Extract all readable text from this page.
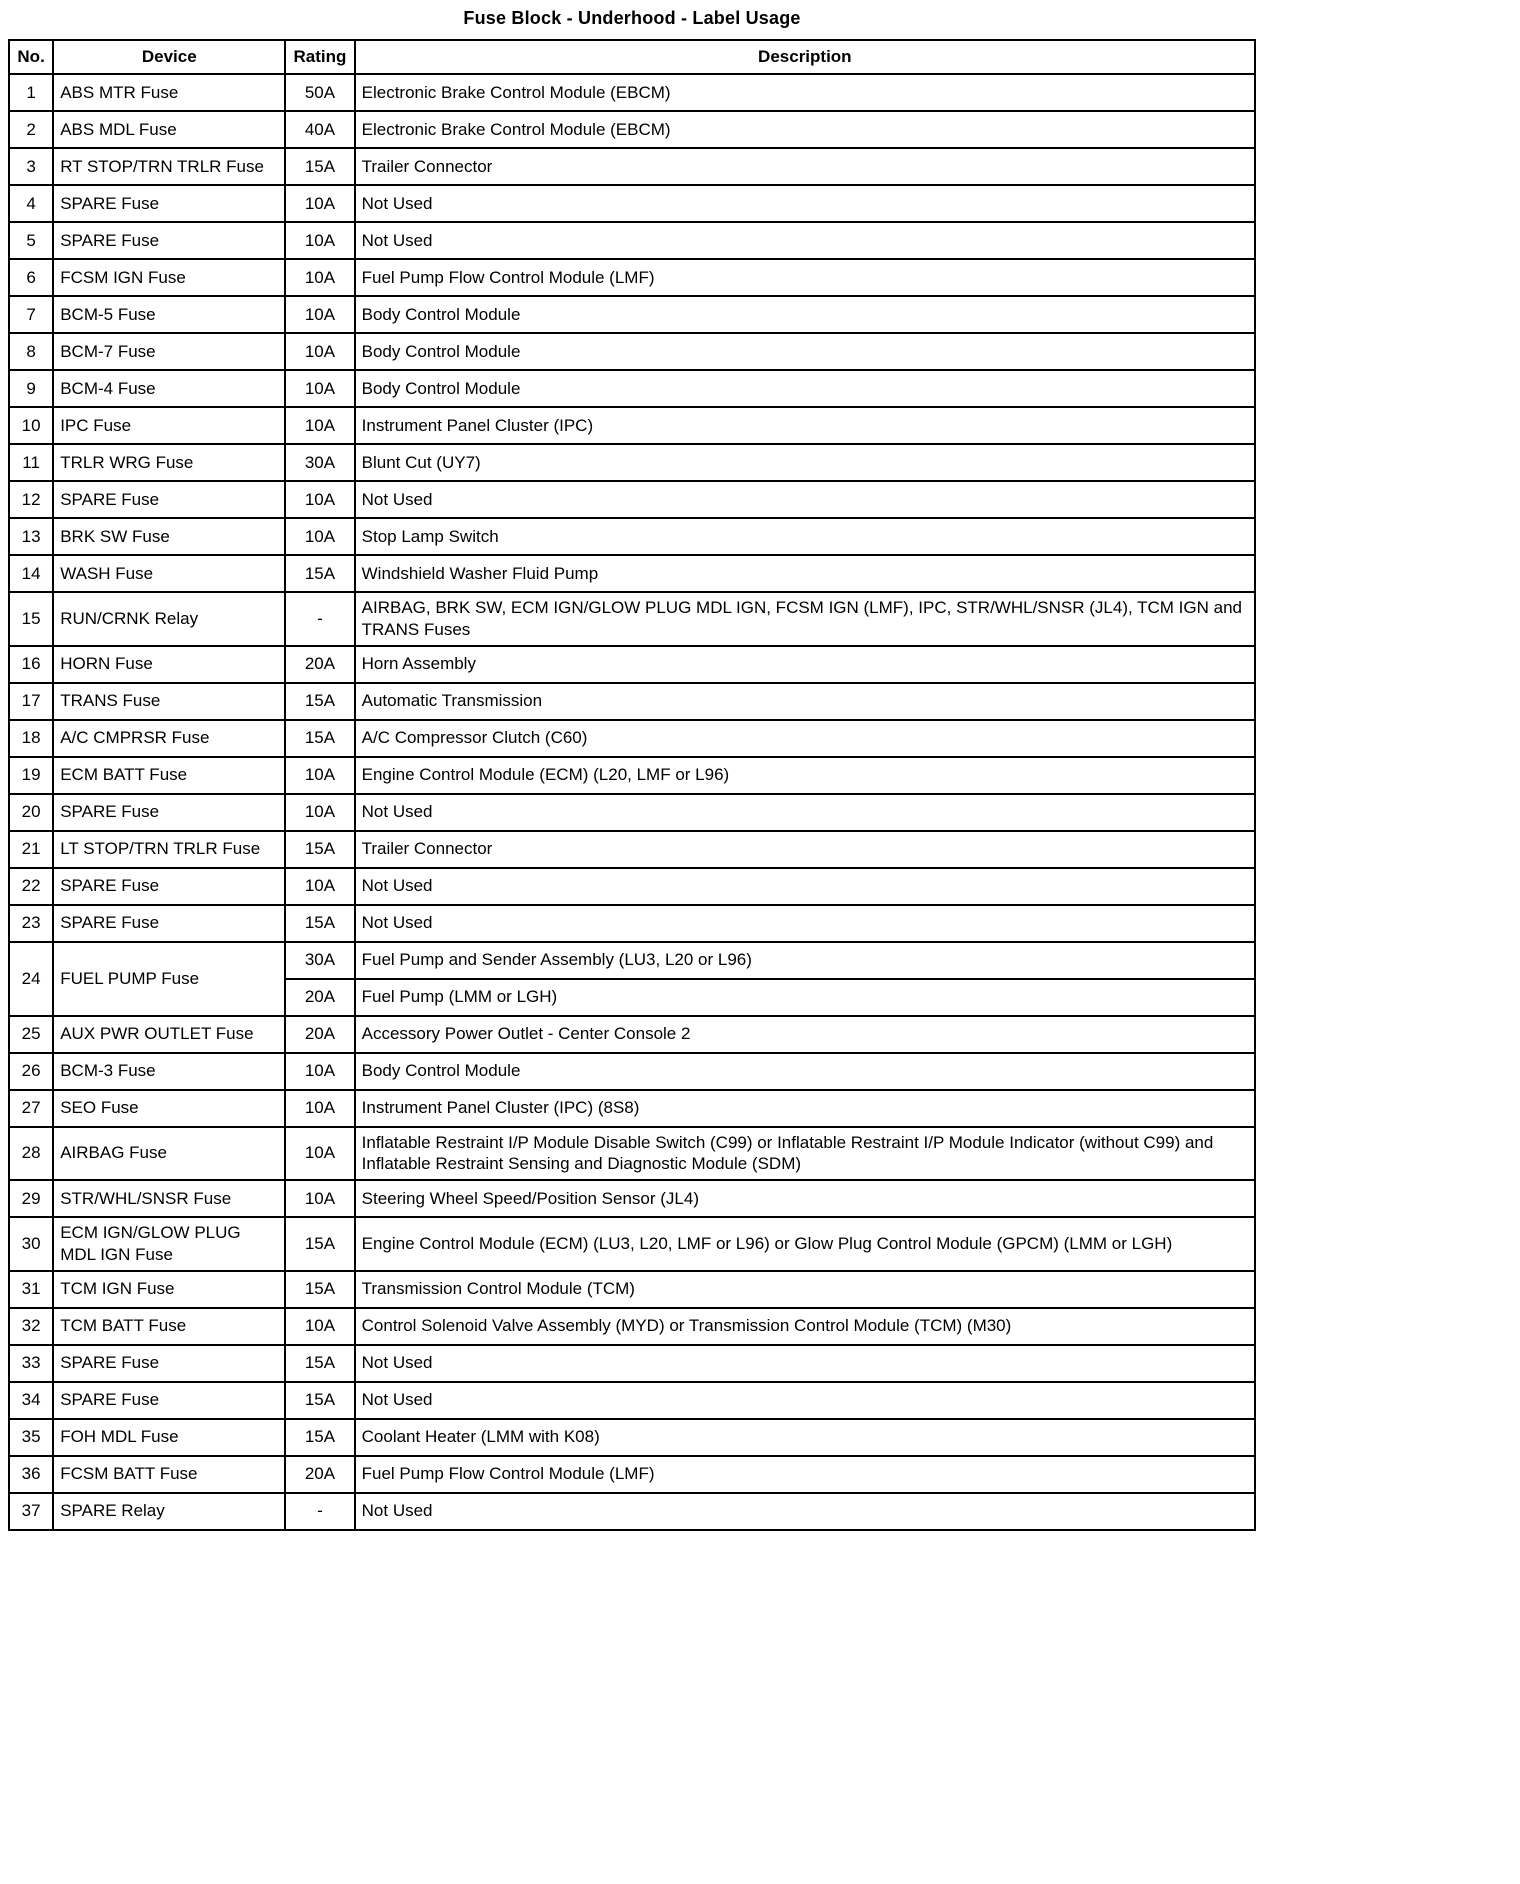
Fuse Block - Underhood - Label Usage
No.	Device	Rating	Description
1	ABS MTR Fuse	50A	Electronic Brake Control Module (EBCM)
2	ABS MDL Fuse	40A	Electronic Brake Control Module (EBCM)
3	RT STOP/TRN TRLR Fuse	15A	Trailer Connector
4	SPARE Fuse	10A	Not Used
5	SPARE Fuse	10A	Not Used
6	FCSM IGN Fuse	10A	Fuel Pump Flow Control Module (LMF)
7	BCM-5 Fuse	10A	Body Control Module
8	BCM-7 Fuse	10A	Body Control Module
9	BCM-4 Fuse	10A	Body Control Module
10	IPC Fuse	10A	Instrument Panel Cluster (IPC)
11	TRLR WRG Fuse	30A	Blunt Cut (UY7)
12	SPARE Fuse	10A	Not Used
13	BRK SW Fuse	10A	Stop Lamp Switch
14	WASH Fuse	15A	Windshield Washer Fluid Pump
15	RUN/CRNK Relay	-	AIRBAG, BRK SW, ECM IGN/GLOW PLUG MDL IGN, FCSM IGN (LMF), IPC, STR/WHL/SNSR (JL4), TCM IGN and TRANS Fuses
16	HORN Fuse	20A	Horn Assembly
17	TRANS Fuse	15A	Automatic Transmission
18	A/C CMPRSR Fuse	15A	A/C Compressor Clutch (C60)
19	ECM BATT Fuse	10A	Engine Control Module (ECM) (L20, LMF or L96)
20	SPARE Fuse	10A	Not Used
21	LT STOP/TRN TRLR Fuse	15A	Trailer Connector
22	SPARE Fuse	10A	Not Used
23	SPARE Fuse	15A	Not Used
24	FUEL PUMP Fuse	30A	Fuel Pump and Sender Assembly (LU3, L20 or L96)
		20A	Fuel Pump (LMM or LGH)
25	AUX PWR OUTLET Fuse	20A	Accessory Power Outlet - Center Console 2
26	BCM-3 Fuse	10A	Body Control Module
27	SEO Fuse	10A	Instrument Panel Cluster (IPC) (8S8)
28	AIRBAG Fuse	10A	Inflatable Restraint I/P Module Disable Switch (C99) or Inflatable Restraint I/P Module Indicator (without C99) and Inflatable Restraint Sensing and Diagnostic Module (SDM)
29	STR/WHL/SNSR Fuse	10A	Steering Wheel Speed/Position Sensor (JL4)
30	ECM IGN/GLOW PLUG MDL IGN Fuse	15A	Engine Control Module (ECM) (LU3, L20, LMF or L96) or Glow Plug Control Module (GPCM) (LMM or LGH)
31	TCM IGN Fuse	15A	Transmission Control Module (TCM)
32	TCM BATT Fuse	10A	Control Solenoid Valve Assembly (MYD) or Transmission Control Module (TCM) (M30)
33	SPARE Fuse	15A	Not Used
34	SPARE Fuse	15A	Not Used
35	FOH MDL Fuse	15A	Coolant Heater (LMM with K08)
36	FCSM BATT Fuse	20A	Fuel Pump Flow Control Module (LMF)
37	SPARE Relay	-	Not Used
